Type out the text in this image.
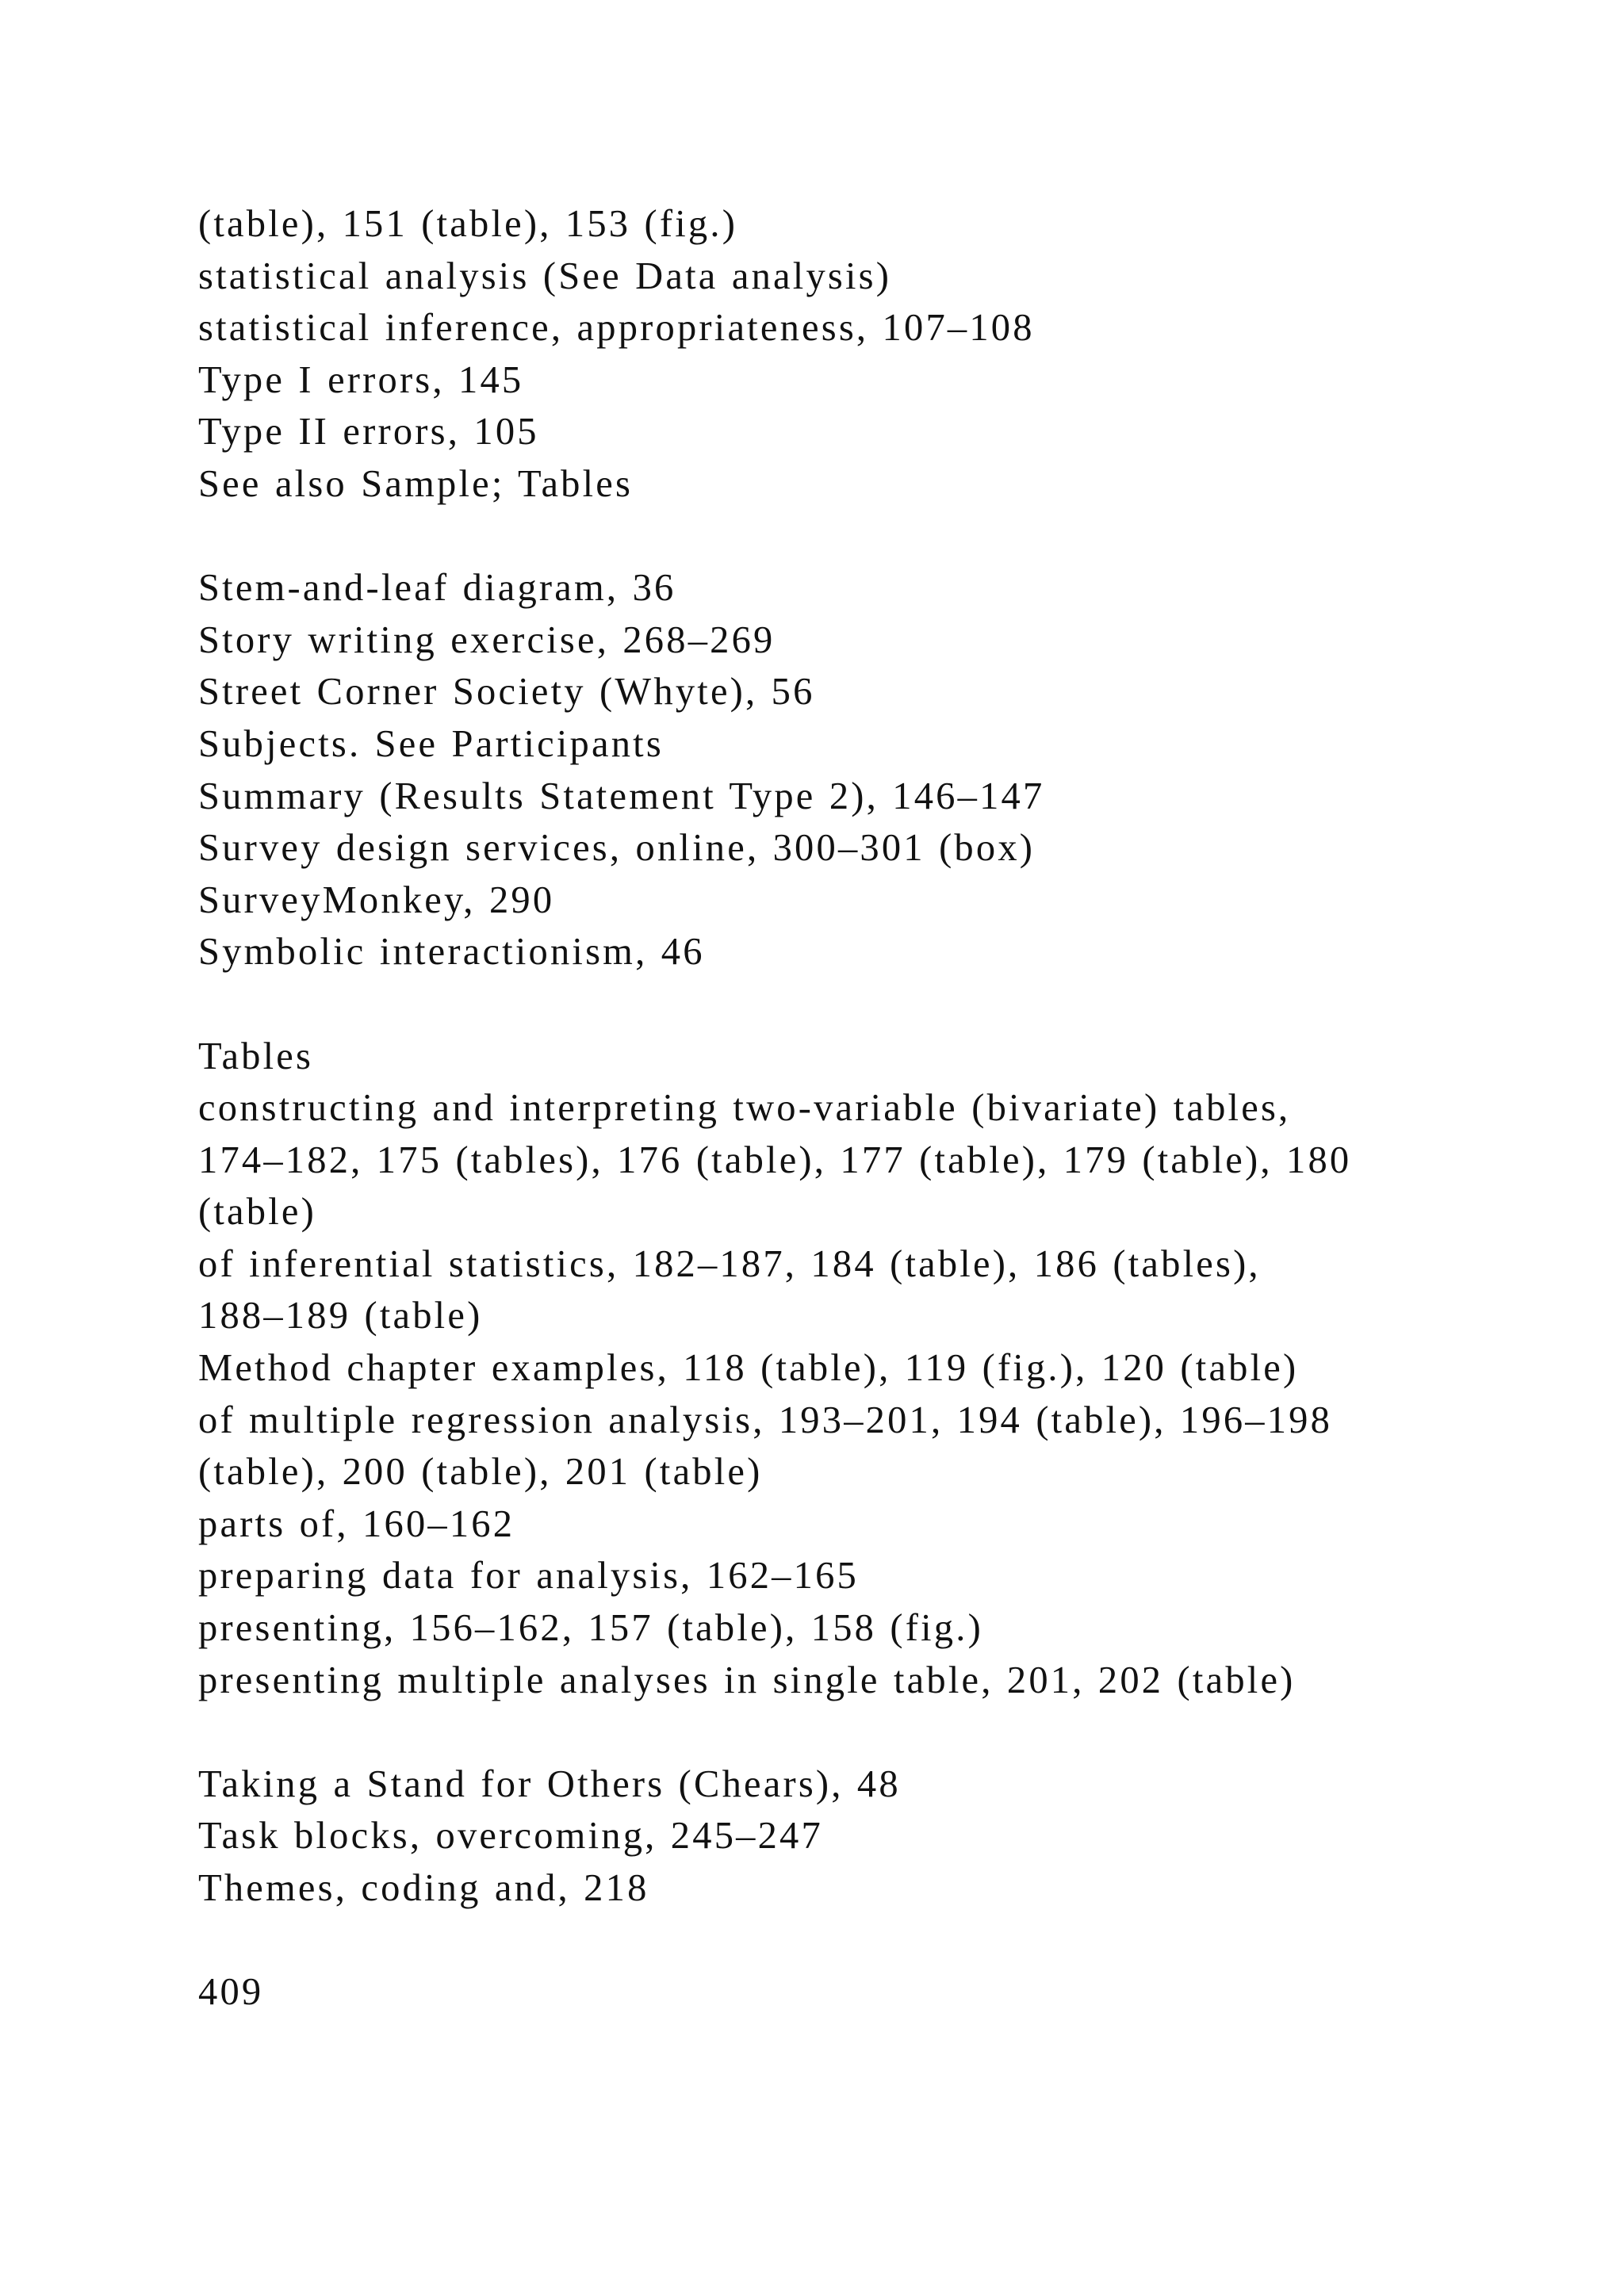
(table), 151 (table), 153 (fig.)
statistical analysis (See Data analysis)
statistical inference, appropriateness, 107–108
Type I errors, 145
Type II errors, 105
See also Sample; Tables
Stem-and-leaf diagram, 36
Story writing exercise, 268–269
Street Corner Society (Whyte), 56
Subjects. See Participants
Summary (Results Statement Type 2), 146–147
Survey design services, online, 300–301 (box)
SurveyMonkey, 290
Symbolic interactionism, 46
Tables
constructing and interpreting two-variable (bivariate) tables,
174–182, 175 (tables), 176 (table), 177 (table), 179 (table), 180
(table)
of inferential statistics, 182–187, 184 (table), 186 (tables),
188–189 (table)
Method chapter examples, 118 (table), 119 (fig.), 120 (table)
of multiple regression analysis, 193–201, 194 (table), 196–198
(table), 200 (table), 201 (table)
parts of, 160–162
preparing data for analysis, 162–165
presenting, 156–162, 157 (table), 158 (fig.)
presenting multiple analyses in single table, 201, 202 (table)
Taking a Stand for Others (Chears), 48
Task blocks, overcoming, 245–247
Themes, coding and, 218
409
